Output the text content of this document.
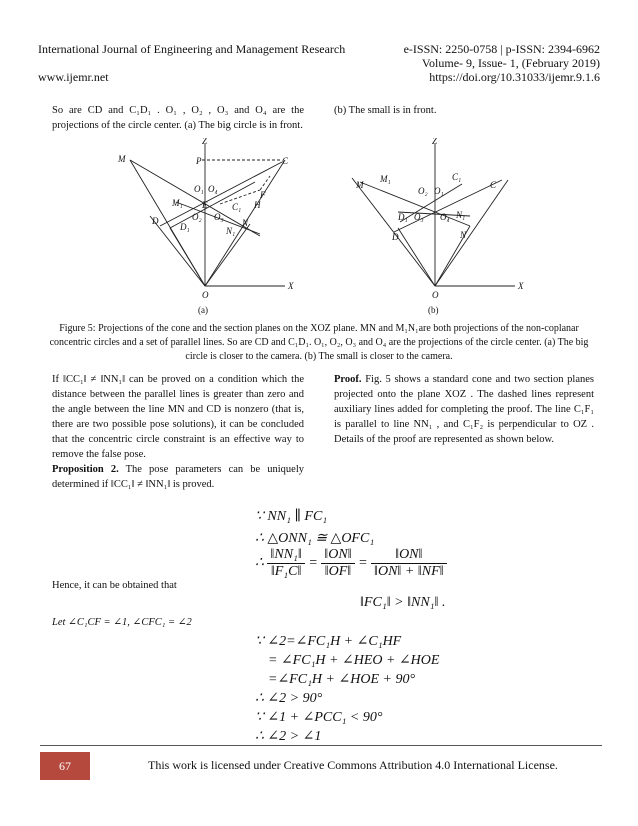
International Journal of Engineering and Management Research	e-ISSN: 2250-0758 | p-ISSN: 2394-6962
Volume- 9, Issue- 1, (February 2019)
www.ijemr.net	https://doi.org/10.31033/ijemr.9.1.6
So are CD and C₁D₁ . O₁ , O₂ , O₃ and O₄ are the projections of the circle center. (a) The big circle is in front.
(b) The small is in front.
Z
X
O
M	P	C
D	N
F
H
E
M₁	C₁
D₁	N₁
O₁ O₄
O₂ O₃
(a)
Z
X
O
M
M₁	C₁
C
O₂ O₁
D₁ O₃ O₄ N₁
D	N
(b)
Figure 5: Projections of the cone and the section planes on the XOZ plane. MN and M₁N₁are both projections of the non-coplanar concentric circles and a set of parallel lines. So are CD and C₁D₁. O₁, O₂, O₃ and O₄ are the projections of the circle center. (a) The big circle is closer to the camera. (b) The small is closer to the camera.
If ‖CC₁‖ ≠ ‖NN₁‖ can be proved on a condition which the distance between the parallel lines is greater than zero and the angle between the line MN and CD is nonzero (that is, there are two possible pose solutions), it can be concluded that the concentric circle constraint is an effective way to remove the false pose.
Proposition 2. The pose parameters can be uniquely determined if ‖CC₁‖ ≠ ‖NN₁‖ is proved.
Proof. Fig. 5 shows a standard cone and two section planes projected onto the plane XOZ . The dashed lines represent auxiliary lines added for completing the proof. The line C₁F₁ is parallel to line NN₁ , and C₁F₂ is perpendicular to OZ . Details of the proof are represented as shown below.
∵ NN₁ ∥ FC₁
∴ △ONN₁ ≅ △OFC₁
∴ $\frac{\text{‖NN₁‖}}{\text{‖F₁C‖}} = \frac{‖ON‖}{‖OF‖} = \frac{‖ON‖}{‖ON‖ + ‖NF‖}$
Hence, it can be obtained that
‖FC₁‖ > ‖NN₁‖ .
Let ∠C₁CF = ∠1, ∠CFC₁ = ∠2
∵ ∠2=∠FC₁H + ∠C₁HF
= ∠FC₁H + ∠HEO + ∠HOE
=∠FC₁H + ∠HOE + 90°
∴ ∠2 > 90°
∵ ∠1 + ∠PCC₁ < 90°
∴ ∠2 > ∠1
67	This work is licensed under Creative Commons Attribution 4.0 International License.
